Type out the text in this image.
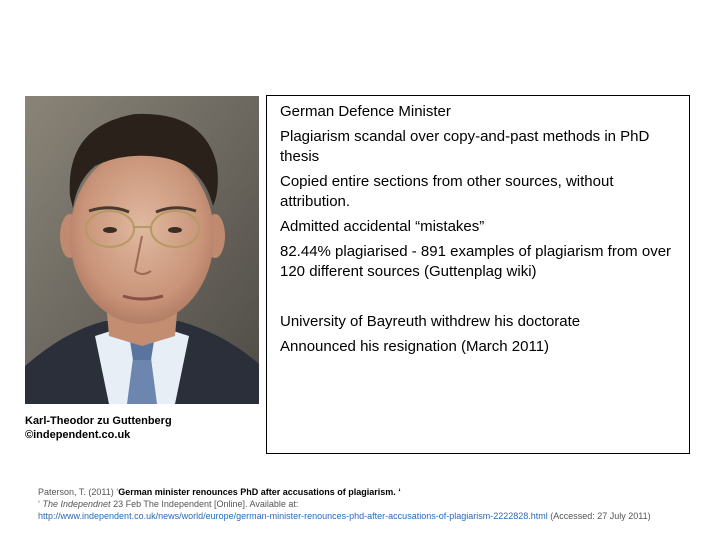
Karl-Theodor zu Guttenberg
©independent.co.uk

German Defence Minister

Plagiarism scandal over copy-and-past methods in PhD thesis

Copied entire sections from other sources, without attribution.

Admitted accidental “mistakes”

82.44% plagiarised - 891 examples of plagiarism from over 120 different sources (Guttenplag wiki)

University of Bayreuth withdrew his doctorate

Announced his resignation (March 2011)

Paterson, T. (2011) ‘German minister renounces PhD after accusations of plagiarism. ‘
‘ The Independnet 23 Feb The Independent [Online]. Available at:
http://www.independent.co.uk/news/world/europe/german-minister-renounces-phd-after-accusations-of-plagiarism-2222828.html (Accessed: 27 July 2011)
